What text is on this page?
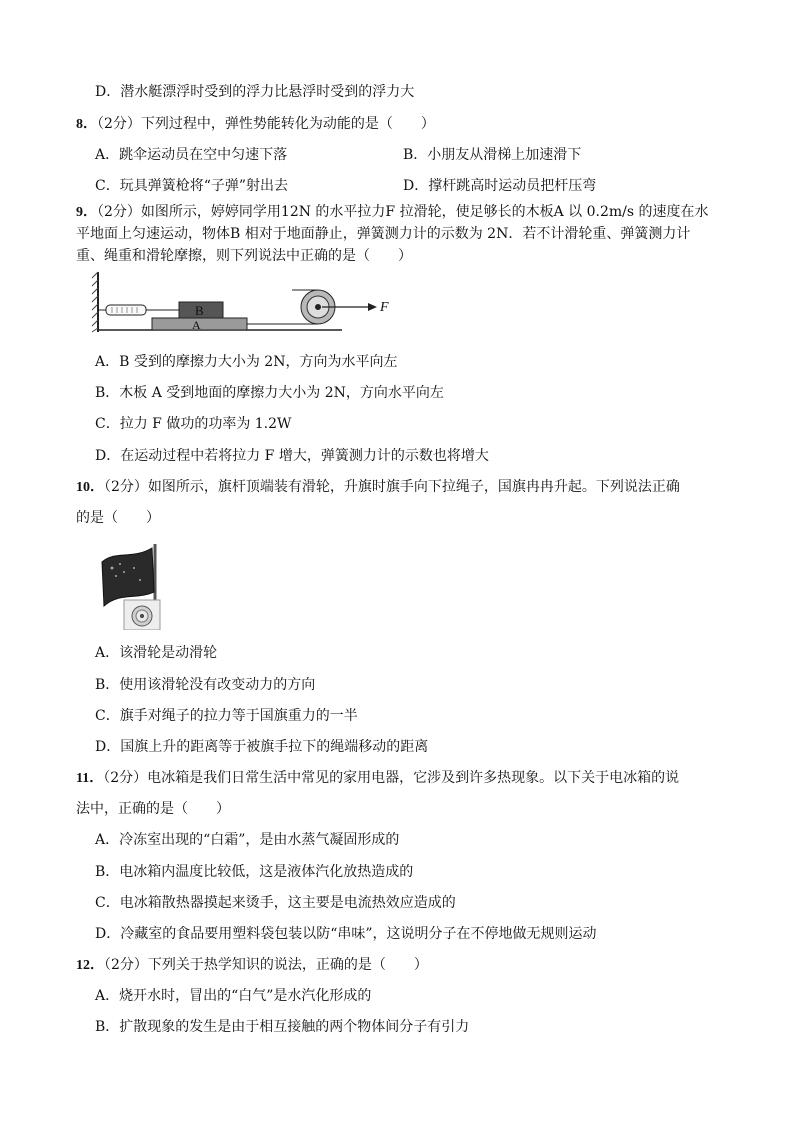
D．潜水艇漂浮时受到的浮力比悬浮时受到的浮力大
8．（2分）下列过程中，弹性势能转化为动能的是（　　）
A．跳伞运动员在空中匀速下落	B．小朋友从滑梯上加速滑下
C．玩具弹簧枪将“子弹”射出去	D．撑杆跳高时运动员把杆压弯
9．（2分）如图所示，婷婷同学用12N 的水平拉力F 拉滑轮，使足够长的木板A 以 0.2m/s 的速度在水
平地面上匀速运动，物体B 相对于地面静止，弹簧测力计的示数为 2N．若不计滑轮重、弹簧测力计
重、绳重和滑轮摩擦，则下列说法中正确的是（　　）
B
A
F
A．B 受到的摩擦力大小为 2N，方向为水平向左
B．木板 A 受到地面的摩擦力大小为 2N，方向水平向左
C．拉力 F 做功的功率为 1.2W
D．在运动过程中若将拉力 F 增大，弹簧测力计的示数也将增大
10．（2分）如图所示，旗杆顶端装有滑轮，升旗时旗手向下拉绳子，国旗冉冉升起。下列说法正确
的是（　　）
A．该滑轮是动滑轮
B．使用该滑轮没有改变动力的方向
C．旗手对绳子的拉力等于国旗重力的一半
D．国旗上升的距离等于被旗手拉下的绳端移动的距离
11．（2分）电冰箱是我们日常生活中常见的家用电器，它涉及到许多热现象。以下关于电冰箱的说
法中，正确的是（　　）
A．冷冻室出现的“白霜”，是由水蒸气凝固形成的
B．电冰箱内温度比较低，这是液体汽化放热造成的
C．电冰箱散热器摸起来烫手，这主要是电流热效应造成的
D．冷藏室的食品要用塑料袋包装以防“串味”，这说明分子在不停地做无规则运动
12．（2分）下列关于热学知识的说法，正确的是（　　）
A．烧开水时，冒出的“白气”是水汽化形成的
B．扩散现象的发生是由于相互接触的两个物体间分子有引力
